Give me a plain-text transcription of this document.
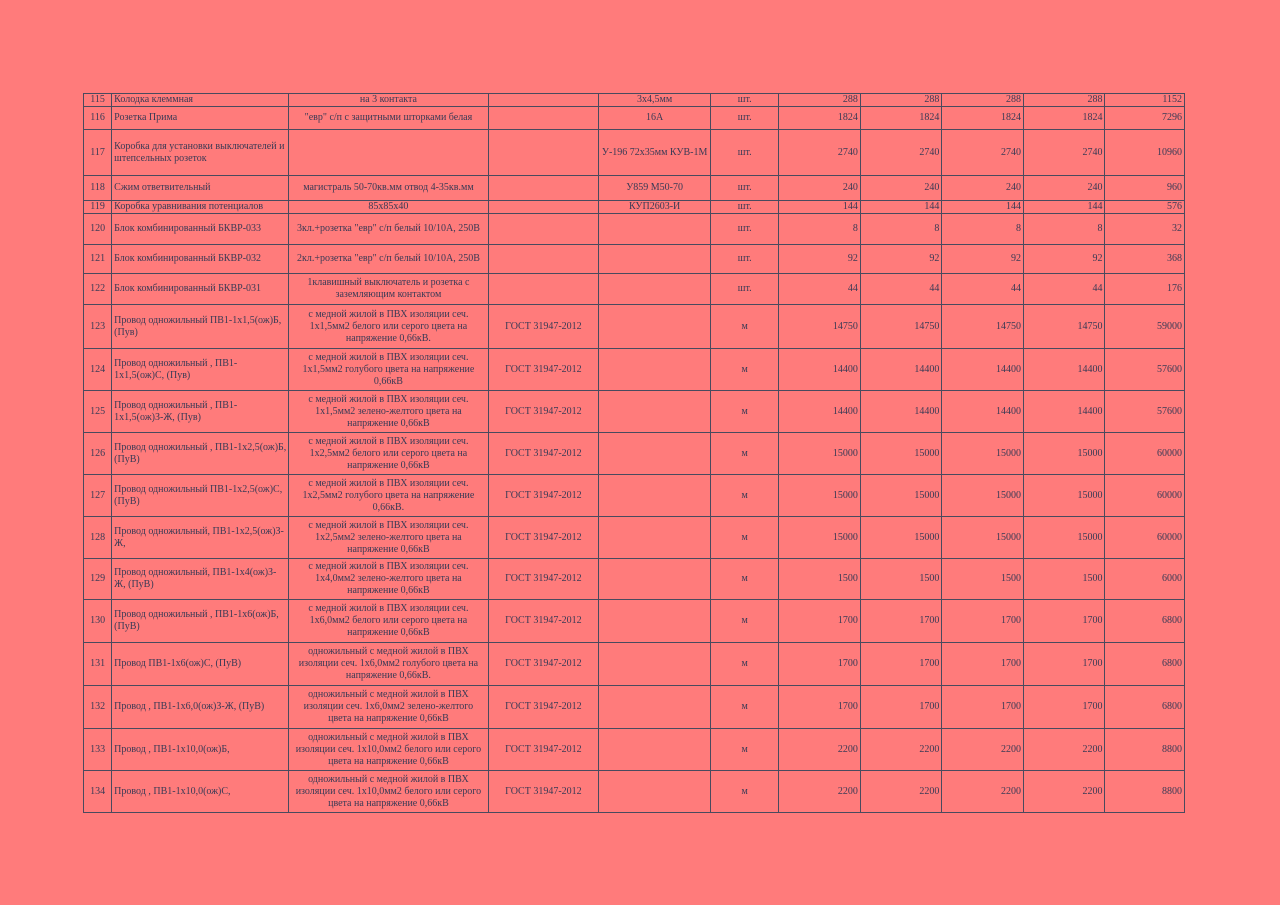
115	Колодка клеммная	на 3 контакта		3х4,5мм	шт.	288	288	288	288	1152
116	Розетка Прима	"евр" с/п с защитными шторками белая		16А	шт.	1824	1824	1824	1824	7296
117	Коробка для установки выключателей и штепсельных розеток			У-196 72х35мм КУВ-1М	шт.	2740	2740	2740	2740	10960
118	Сжим ответвительный	магистраль 50-70кв.мм отвод 4-35кв.мм		У859 М50-70	шт.	240	240	240	240	960
119	Коробка уравнивания потенциалов	85х85х40		КУП2603-И	шт.	144	144	144	144	576
120	Блок комбинированный БКВР-033	3кл.+розетка "евр" с/п белый 10/10А, 250В			шт.	8	8	8	8	32
121	Блок комбинированный БКВР-032	2кл.+розетка "евр" с/п белый 10/10А, 250В			шт.	92	92	92	92	368
122	Блок комбинированный БКВР-031	1клавишный выключатель и розетка с заземляющим контактом			шт.	44	44	44	44	176
123	Провод одножильный ПВ1-1х1,5(ож)Б, (Пув)	с медной жилой в ПВХ изоляции сеч. 1х1,5мм2 белого или серого цвета на напряжение 0,66кВ.	ГОСТ 31947-2012		м	14750	14750	14750	14750	59000
124	Провод одножильный , ПВ1-1х1,5(ож)С, (Пув)	с медной жилой в ПВХ изоляции сеч. 1х1,5мм2 голубого цвета на напряжение 0,66кВ	ГОСТ 31947-2012		м	14400	14400	14400	14400	57600
125	Провод одножильный , ПВ1-1х1,5(ож)З-Ж, (Пув)	с медной жилой в ПВХ изоляции сеч. 1х1,5мм2 зелено-желтого цвета на напряжение 0,66кВ	ГОСТ 31947-2012		м	14400	14400	14400	14400	57600
126	Провод одножильный , ПВ1-1х2,5(ож)Б, (ПуВ)	с медной жилой в ПВХ изоляции сеч. 1х2,5мм2 белого или серого цвета на напряжение 0,66кВ	ГОСТ 31947-2012		м	15000	15000	15000	15000	60000
127	Провод одножильный ПВ1-1х2,5(ож)С, (ПуВ)	с медной жилой в ПВХ изоляции сеч. 1х2,5мм2 голубого цвета на напряжение 0,66кВ.	ГОСТ 31947-2012		м	15000	15000	15000	15000	60000
128	Провод одножильный, ПВ1-1х2,5(ож)З-Ж,	с медной жилой в ПВХ изоляции сеч. 1х2,5мм2 зелено-желтого цвета на напряжение 0,66кВ	ГОСТ 31947-2012		м	15000	15000	15000	15000	60000
129	Провод одножильный, ПВ1-1х4(ож)З-Ж, (ПуВ)	с медной жилой в ПВХ изоляции сеч. 1х4,0мм2 зелено-желтого цвета на напряжение 0,66кВ	ГОСТ 31947-2012		м	1500	1500	1500	1500	6000
130	Провод одножильный , ПВ1-1х6(ож)Б, (ПуВ)	с медной жилой в ПВХ изоляции сеч. 1х6,0мм2 белого или серого цвета на напряжение 0,66кВ	ГОСТ 31947-2012		м	1700	1700	1700	1700	6800
131	Провод ПВ1-1х6(ож)С, (ПуВ)	одножильный с медной жилой в ПВХ изоляции сеч. 1х6,0мм2 голубого цвета на напряжение 0,66кВ.	ГОСТ 31947-2012		м	1700	1700	1700	1700	6800
132	Провод , ПВ1-1х6,0(ож)З-Ж, (ПуВ)	одножильный с медной жилой в ПВХ изоляции сеч. 1х6,0мм2 зелено-желтого цвета на напряжение 0,66кВ	ГОСТ 31947-2012		м	1700	1700	1700	1700	6800
133	Провод , ПВ1-1х10,0(ож)Б,	одножильный с медной жилой в ПВХ изоляции сеч. 1х10,0мм2 белого или серого цвета на напряжение 0,66кВ	ГОСТ 31947-2012		м	2200	2200	2200	2200	8800
134	Провод , ПВ1-1х10,0(ож)С,	одножильный с медной жилой в ПВХ изоляции сеч. 1х10,0мм2 белого или серого цвета на напряжение 0,66кВ	ГОСТ 31947-2012		м	2200	2200	2200	2200	8800
